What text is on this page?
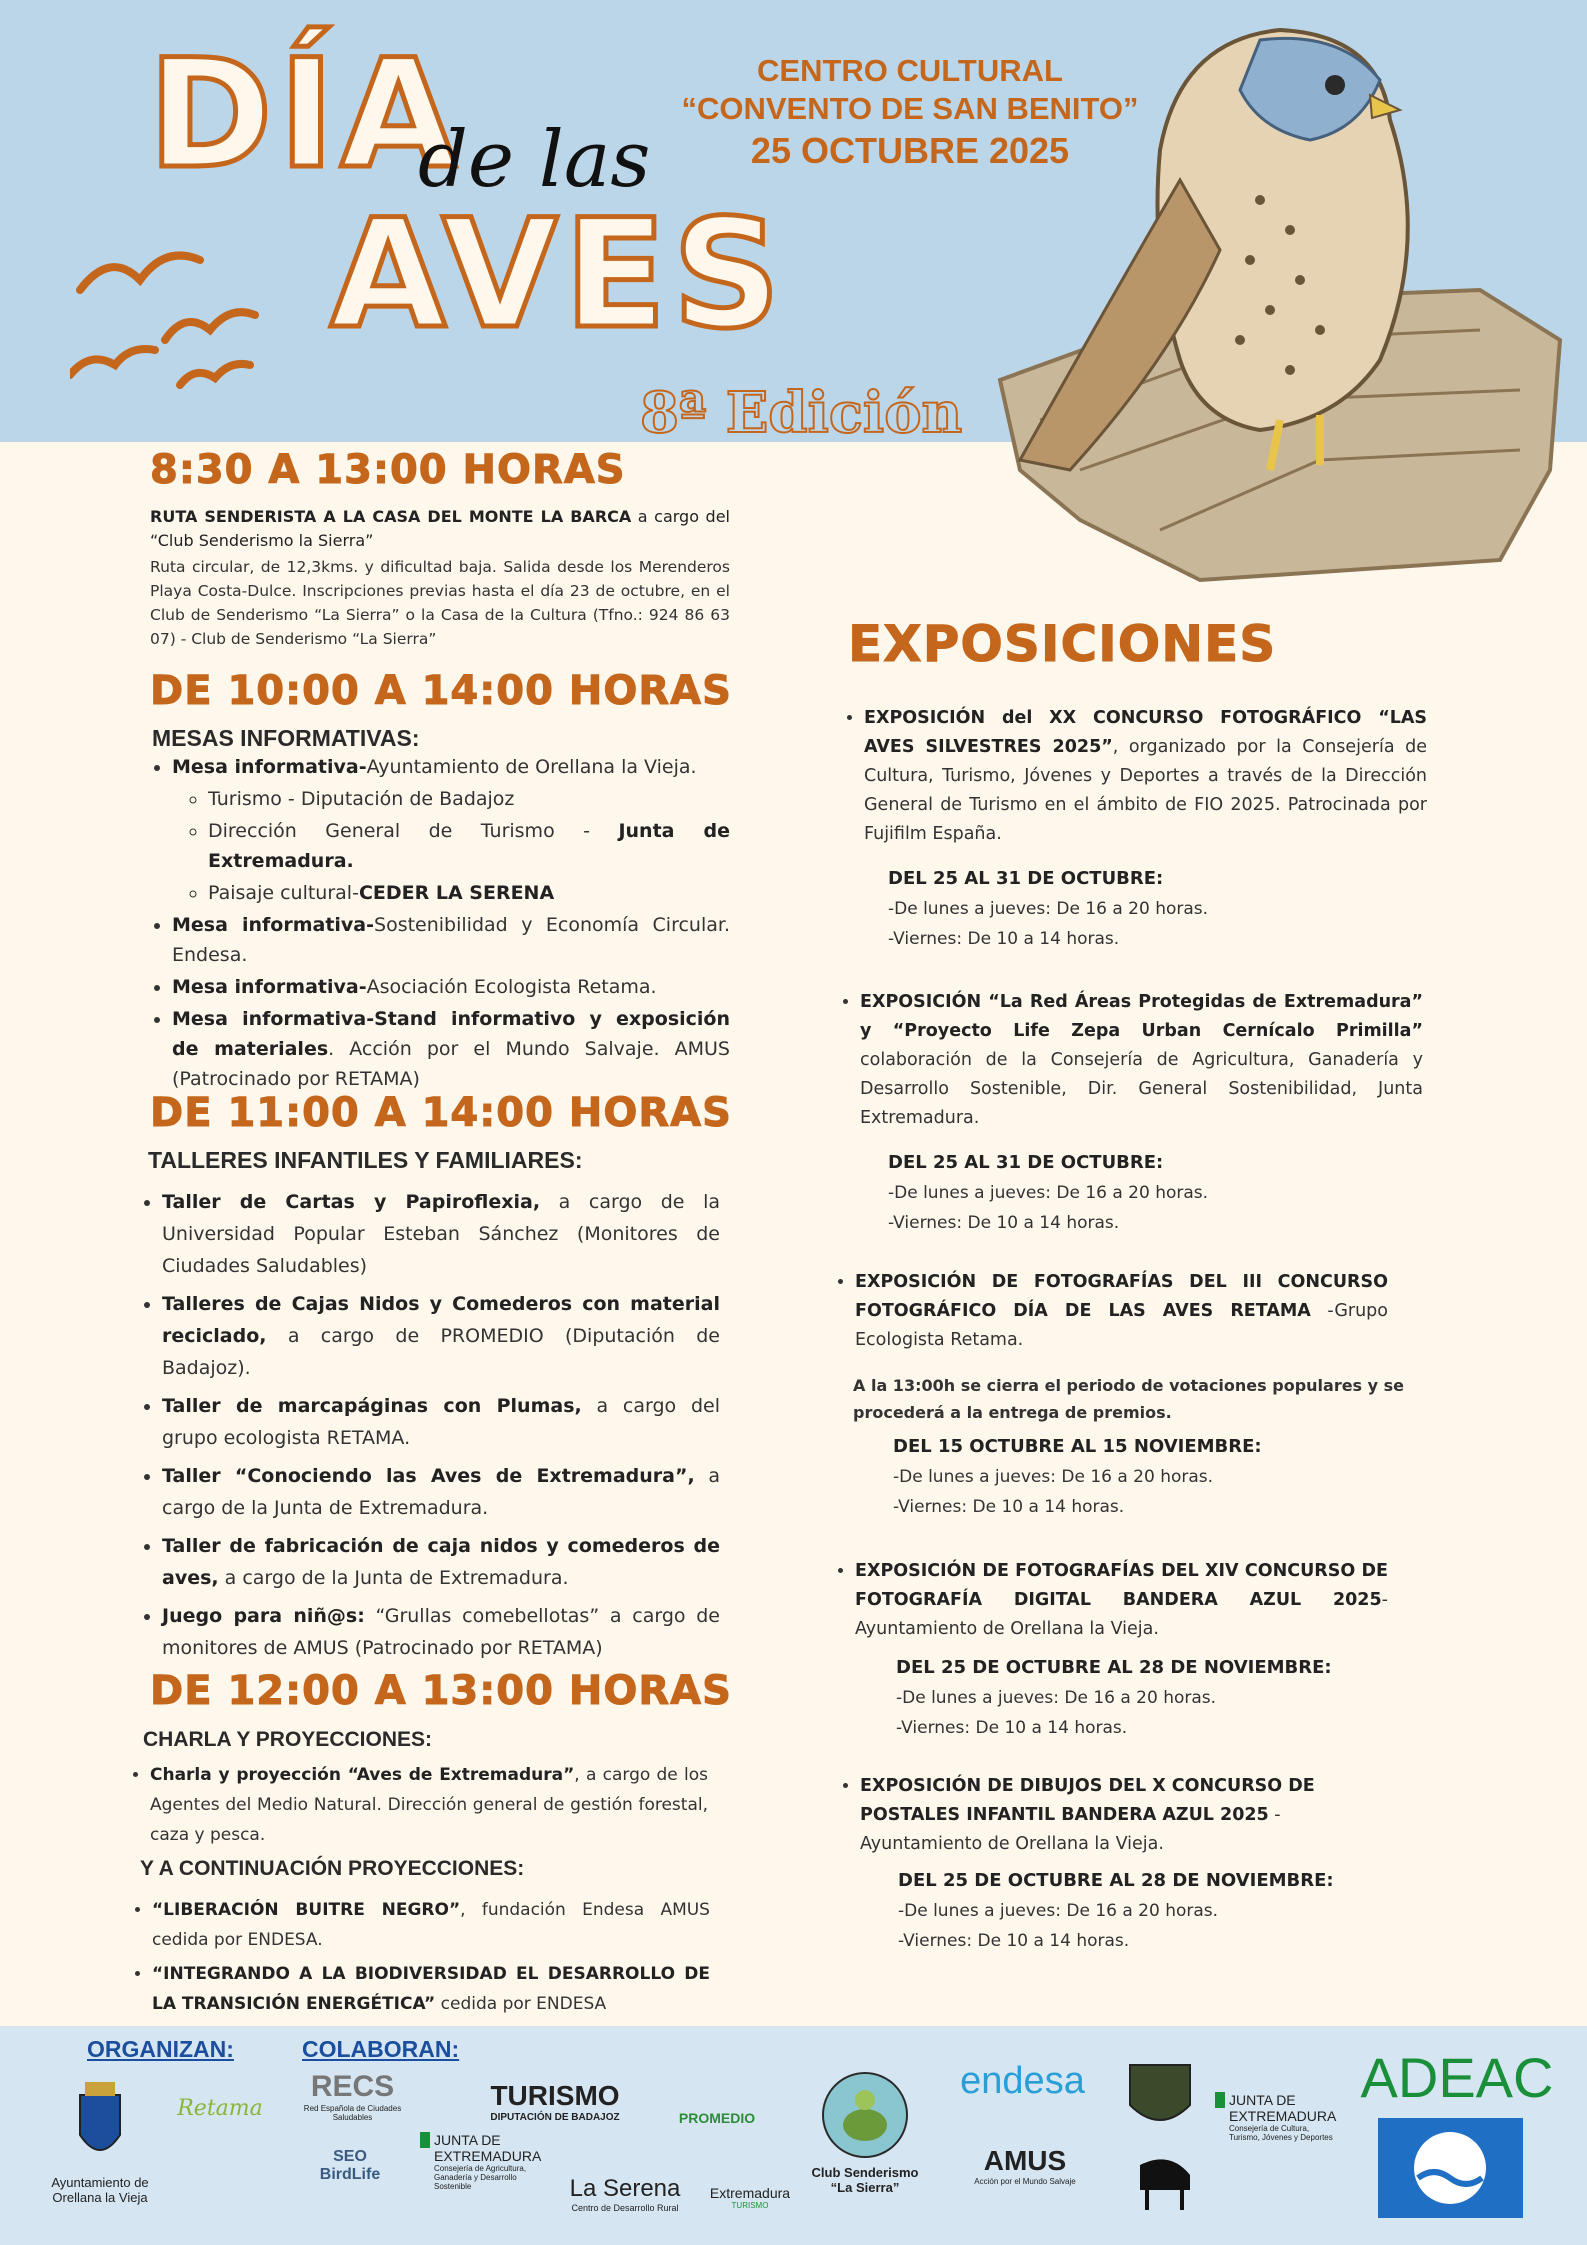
DÍA
de las
AVES
8ª Edición
CENTRO CULTURAL
“CONVENTO DE SAN BENITO”
25 OCTUBRE 2025
8:30 A 13:00 HORAS
RUTA SENDERISTA A LA CASA DEL MONTE LA BARCA a cargo del “Club Senderismo la Sierra”
Ruta circular, de 12,3kms. y dificultad baja. Salida desde los Merenderos Playa Costa-Dulce. Inscripciones previas hasta el día 23 de octubre, en el Club de Senderismo “La Sierra” o la Casa de la Cultura (Tfno.: 924 86 63 07) - Club de Senderismo “La Sierra”
DE 10:00 A 14:00 HORAS
MESAS INFORMATIVAS:
• Mesa informativa-Ayuntamiento de Orellana la Vieja.
◦ Turismo - Diputación de Badajoz
◦ Dirección General de Turismo - Junta de Extremadura.
◦ Paisaje cultural-CEDER LA SERENA
• Mesa informativa-Sostenibilidad y Economía Circular. Endesa.
• Mesa informativa-Asociación Ecologista Retama.
• Mesa informativa-Stand informativo y exposición de materiales. Acción por el Mundo Salvaje. AMUS (Patrocinado por RETAMA)
DE 11:00 A 14:00 HORAS
TALLERES INFANTILES Y FAMILIARES:
• Taller de Cartas y Papiroflexia, a cargo de la Universidad Popular Esteban Sánchez (Monitores de Ciudades Saludables)
• Talleres de Cajas Nidos y Comederos con material reciclado, a cargo de PROMEDIO (Diputación de Badajoz).
• Taller de marcapáginas con Plumas, a cargo del grupo ecologista RETAMA.
• Taller “Conociendo las Aves de Extremadura”, a cargo de la Junta de Extremadura.
• Taller de fabricación de caja nidos y comederos de aves, a cargo de la Junta de Extremadura.
• Juego para niñ@s: “Grullas comebellotas” a cargo de monitores de AMUS (Patrocinado por RETAMA)
DE 12:00 A 13:00 HORAS
CHARLA Y PROYECCIONES:
• Charla y proyección “Aves de Extremadura”, a cargo de los Agentes del Medio Natural. Dirección general de gestión forestal, caza y pesca.
Y A CONTINUACIÓN PROYECCIONES:
• “LIBERACIÓN BUITRE NEGRO”, fundación Endesa AMUS cedida por ENDESA.
• “INTEGRANDO A LA BIODIVERSIDAD EL DESARROLLO DE LA TRANSICIÓN ENERGÉTICA” cedida por ENDESA
EXPOSICIONES
• EXPOSICIÓN del XX CONCURSO FOTOGRÁFICO “LAS AVES SILVESTRES 2025”, organizado por la Consejería de Cultura, Turismo, Jóvenes y Deportes a través de la Dirección General de Turismo en el ámbito de FIO 2025. Patrocinada por Fujifilm España.
DEL 25 AL 31 DE OCTUBRE:
-De lunes a jueves: De 16 a 20 horas.
-Viernes: De 10 a 14 horas.
• EXPOSICIÓN “La Red Áreas Protegidas de Extremadura” y “Proyecto Life Zepa Urban Cernícalo Primilla” colaboración de la Consejería de Agricultura, Ganadería y Desarrollo Sostenible, Dir. General Sostenibilidad, Junta Extremadura.
DEL 25 AL 31 DE OCTUBRE:
-De lunes a jueves: De 16 a 20 horas.
-Viernes: De 10 a 14 horas.
• EXPOSICIÓN DE FOTOGRAFÍAS DEL III CONCURSO FOTOGRÁFICO DÍA DE LAS AVES RETAMA -Grupo Ecologista Retama.
A la 13:00h se cierra el periodo de votaciones populares y se procederá a la entrega de premios.
DEL 15 OCTUBRE AL 15 NOVIEMBRE:
-De lunes a jueves: De 16 a 20 horas.
-Viernes: De 10 a 14 horas.
• EXPOSICIÓN DE FOTOGRAFÍAS DEL XIV CONCURSO DE FOTOGRAFÍA DIGITAL BANDERA AZUL 2025-Ayuntamiento de Orellana la Vieja.
DEL 25 DE OCTUBRE AL 28 DE NOVIEMBRE:
-De lunes a jueves: De 16 a 20 horas.
-Viernes: De 10 a 14 horas.
• EXPOSICIÓN DE DIBUJOS DEL X CONCURSO DE POSTALES INFANTIL BANDERA AZUL 2025 - Ayuntamiento de Orellana la Vieja.
DEL 25 DE OCTUBRE AL 28 DE NOVIEMBRE:
-De lunes a jueves: De 16 a 20 horas.
-Viernes: De 10 a 14 horas.
ORGANIZAN:	COLABORAN:
Ayuntamiento de
Orellana la Vieja
Retama
RECS
Red Española de Ciudades Saludables
SEO BirdLife
TURISMO
DIPUTACIÓN DE BADAJOZ
JUNTA DE
EXTREMADURA
Consejería de Agricultura, Ganadería y Desarrollo Sostenible
PROMEDIO
La Serena
Centro de Desarrollo Rural
Extremadura
TURISMO
Club Senderismo
“La Sierra”
endesa
AMUS
Acción por el Mundo Salvaje
JUNTA DE
EXTREMADURA
Consejería de Cultura, Turismo, Jóvenes y Deportes
ADEAC
